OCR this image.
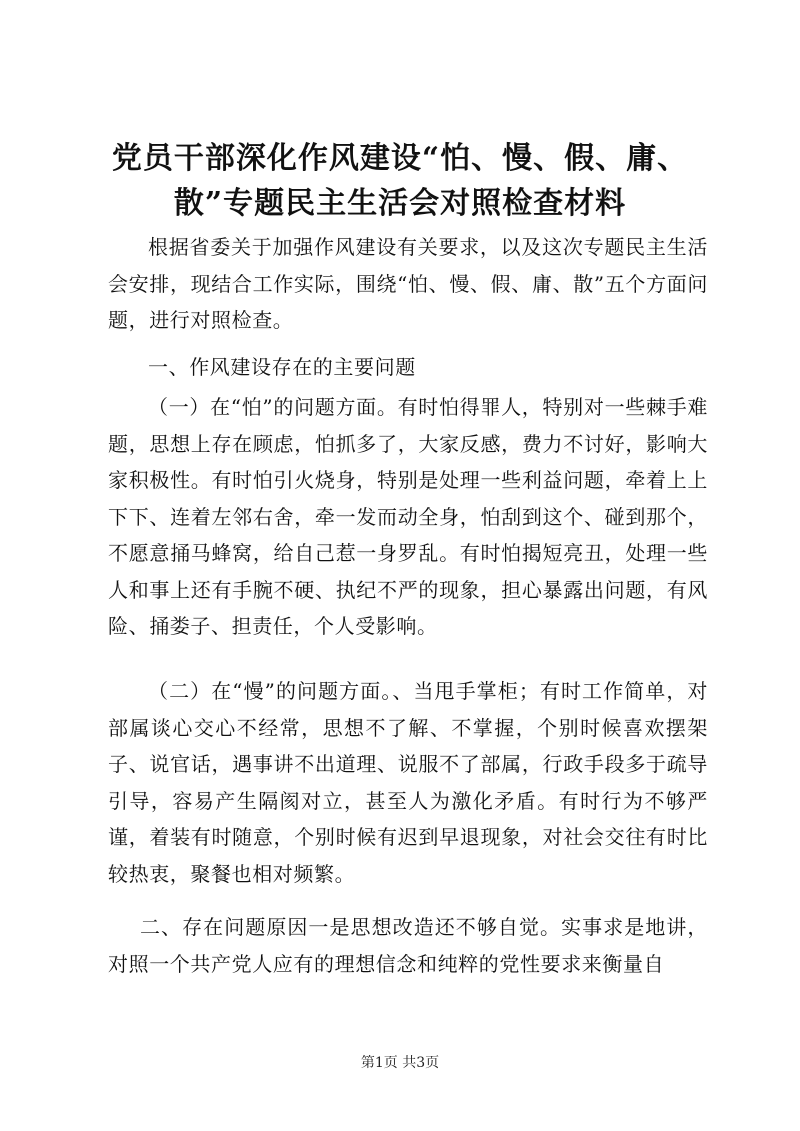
党员干部深化作风建设“怕、慢、假、庸、
散”专题民主生活会对照检查材料
根据省委关于加强作风建设有关要求，以及这次专题民主生活会安排，现结合工作实际，围绕“怕、慢、假、庸、散”五个方面问题，进行对照检查。
一、作风建设存在的主要问题
（一）在“怕”的问题方面。有时怕得罪人，特别对一些棘手难题，思想上存在顾虑，怕抓多了，大家反感，费力不讨好，影响大家积极性。有时怕引火烧身，特别是处理一些利益问题，牵着上上下下、连着左邻右舍，牵一发而动全身，怕刮到这个、碰到那个，不愿意捅马蜂窝，给自己惹一身罗乱。有时怕揭短亮丑，处理一些人和事上还有手腕不硬、执纪不严的现象，担心暴露出问题，有风险、捅娄子、担责任，个人受影响。
（二）在“慢”的问题方面。、当甩手掌柜；有时工作简单，对部属谈心交心不经常，思想不了解、不掌握，个别时候喜欢摆架子、说官话，遇事讲不出道理、说服不了部属，行政手段多于疏导引导，容易产生隔阂对立，甚至人为激化矛盾。有时行为不够严谨，着装有时随意，个别时候有迟到早退现象，对社会交往有时比较热衷，聚餐也相对频繁。
二、存在问题原因一是思想改造还不够自觉。实事求是地讲，对照一个共产党人应有的理想信念和纯粹的党性要求来衡量自
第1页 共3页
